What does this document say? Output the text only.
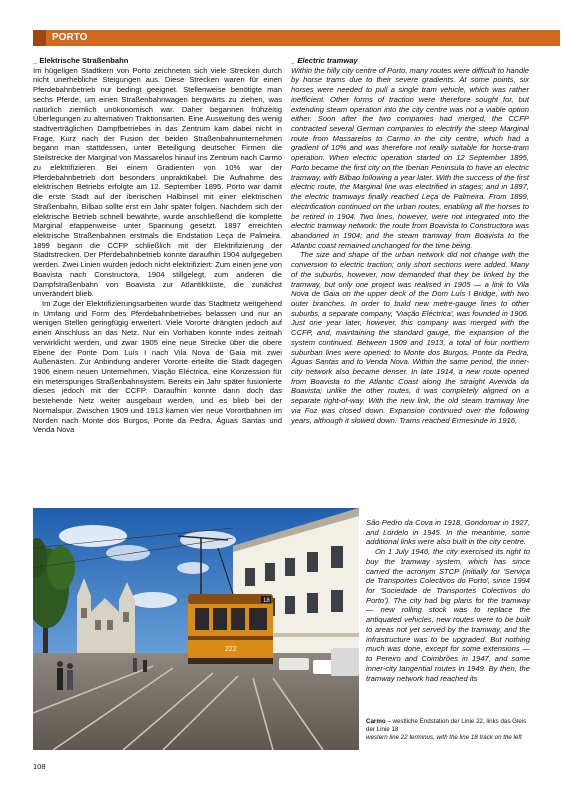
PORTO

_ Elektrische Straßenbahn

Im hügeligen Stadtkern von Porto zeichneten sich viele Strecken durch nicht unerhebliche Steigungen aus. Diese Strecken waren für einen Pferdebahnbetrieb nur bedingt geeignet. Stellenweise benötigte man sechs Pferde, um einen Straßenbahnwagen bergwärts zu ziehen, was natürlich ziemlich unökonomisch war. Daher begannen frühzeitig Überlegungen zu alternativen Traktionsarten. Eine Ausweitung des wenig stadtverträglichen Dampfbetriebes in das Zentrum kam dabei nicht in Frage. Kurz nach der Fusion der beiden Straßenbahnunternehmen begann man stattdessen, unter Beteiligung deutscher Firmen die Steilstrecke der Marginal von Massarelos hinauf ins Zentrum nach Carmo zu elektrifizieren. Bei einem Gradienten von 10% war der Pferdebahnbetrieb dort besonders unpraktikabel. Die Aufnahme des elektrischen Betriebs erfolgte am 12. September 1895. Porto war damit die erste Stadt auf der iberischen Halbinsel mit einer elektrischen Straßenbahn, Bilbao sollte erst ein Jahr später folgen. Nachdem sich der elektrische Betrieb schnell bewährte, wurde anschließend die komplette Marginal etappenweise unter Spannung gesetzt. 1897 erreichten elektrische Straßenbahnen erstmals die Endstation Leça de Palmeira. 1899 begann die CCFP schließlich mit der Elektrifizierung der Stadtstrecken. Der Pferdebahnbetrieb konnte daraufhin 1904 aufgegeben werden. Zwei Linien wurden jedoch nicht elektrifiziert: Zum einen jene von Boavista nach Constructora, 1904 stillgelegt, zum anderen die Dampfstraßenbahn von Boavista zur Atlantikküste, die zunächst unverändert blieb.

Im Zuge der Elektrifizierungsarbeiten wurde das Stadtnetz weitgehend in Umfang und Form des Pferdebahnbetriebes belassen und nur an wenigen Stellen geringfügig erweitert. Viele Vororte drängten jedoch auf einen Anschluss an das Netz. Nur ein Vorhaben konnte indes zeitnah verwirklicht werden, und zwar 1905 eine neue Strecke über die obere Ebene der Ponte Dom Luís I nach Vila Nova de Gaia mit zwei Außenästen. Zur Anbindung anderer Vororte erteilte die Stadt dagegen 1906 einem neuen Unternehmen, Viação Eléctrica, eine Konzession für ein meterspuriges Straßenbahnsystem. Bereits ein Jahr später fusionierte dieses jedoch mit der CCFP. Daraufhin konnte dann doch das bestehende Netz weiter ausgebaut werden, und es blieb bei der Normalspur. Zwischen 1909 und 1913 kamen vier neue Vorortbahnen im Norden nach Monte dos Burgos, Ponte da Pedra, Águas Santas und Venda Nova

_ Electric tramway

Within the hilly city centre of Porto, many routes were difficult to handle by horse trams due to their severe gradients. At some points, six horses were needed to pull a single tram vehicle, which was rather inefficient. Other forms of traction were therefore sought for, but extending steam operation into the city centre was not a viable option either. Soon after the two companies had merged, the CCFP contracted several German companies to electrify the steep Marginal route from Massarelos to Carmo in the city centre, which had a gradient of 10% and was therefore not really suitable for horse-tram operation. When electric operation started on 12 September 1895, Porto became the first city on the Iberian Peninsula to have an electric tramway, with Bilbao following a year later. With the success of the first electric route, the Marginal line was electrified in stages; and in 1897, the electric tramways finally reached Leça de Palmeira. From 1899, electrification continued on the urban routes, enabling all the horses to be retired in 1904. Two lines, however, were not integrated into the electric tramway network: the route from Boavista to Constructora was abandoned in 1904; and the steam tramway from Boavista to the Atlantic coast remained unchanged for the time being.

The size and shape of the urban network did not change with the conversion to electric traction; only short sections were added. Many of the suburbs, however, now demanded that they be linked by the tramway, but only one project was realised in 1905 — a link to Vila Nova de Gaia on the upper deck of the Dom Luís I Bridge, with two outer branches. In order to build new metre-gauge lines to other suburbs, a separate company, 'Viação Eléctrica', was founded in 1906. Just one year later, however, this company was merged with the CCFP, and, maintaining the standard gauge, the expansion of the system continued. Between 1909 and 1913, a total of four northern suburban lines were opened: to Monte dos Burgos, Ponte da Pedra, Águas Santas and to Venda Nova. Within the same period, the inner-city network also became denser. In late 1914, a new route opened from Boavista to the Atlantic Coast along the straight Avenida da Boavista; unlike the other routes, it was completely aligned on a separate right-of-way. With the new link, the old steam tramway line via Foz was closed down. Expansion continued over the following years, although it slowed down. Trams reached Ermesinde in 1916,

São Pedro da Cova in 1918, Gondomar in 1927, and Lordelo in 1945. In the meantime, some additional links were also built in the city centre.

On 1 July 1946, the city exercised its right to buy the tramway system, which has since carried the acronym STCP (initially for 'Serviça de Transportes Colectivos do Porto', since 1994 for 'Sociedade de Transportes Colectivos do Porto'). The city had big plans for the tramway — new rolling stock was to replace the antiquated vehicles, new routes were to be built to areas not yet served by the tramway, and the infrastructure was to be upgraded. But nothing much was done, except for some extensions — to Pereiro and Coimbrões in 1947, and some inner-city tangential routes in 1949. By then, the tramway network had reached its

222
18
Carmo – westliche Endstation der Linie 22, links das Gleis der Linie 18
western line 22 terminus, with the line 18 track on the left
108
